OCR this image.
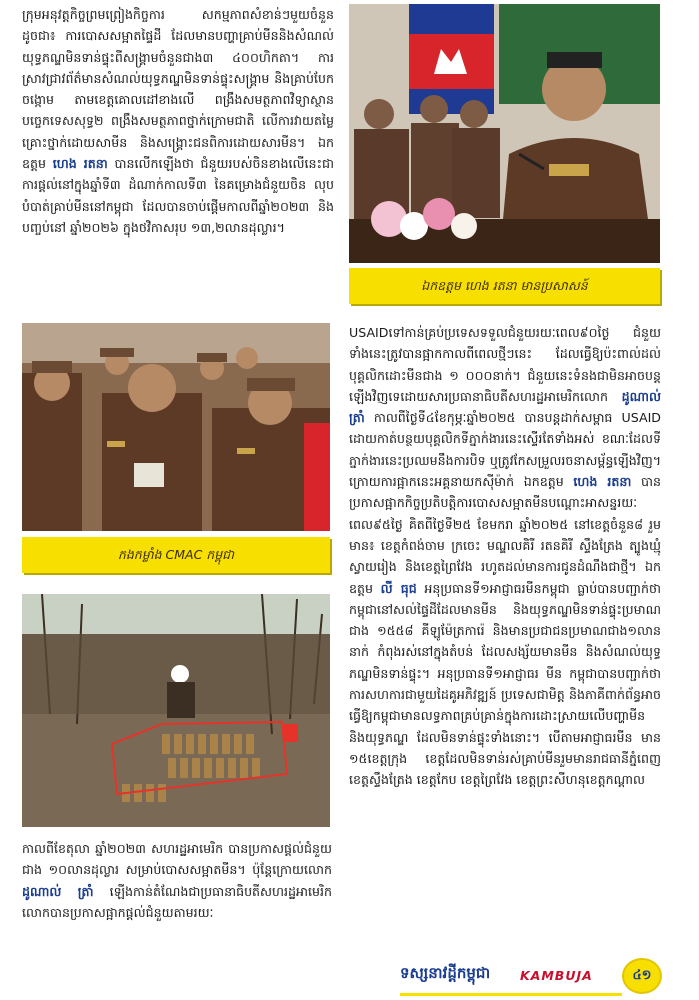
ក្រុមអនុវត្តកិច្ចព្រមព្រៀងកិច្ចការ សកម្មភាពសំខាន់ៗមួយចំនួនដូចជា៖ ការបោសសម្អាតផ្ទៃដី ដែលមានបញ្ហាគ្រាប់មីននិងសំណល់យុទ្ធភណ្ឌមិនទាន់ផ្ទុះពីសង្គ្រាមចំនួនជាង៣ ៤០០ហិកតា។ ការស្រាវជ្រាវព័ត៌មានសំណល់យុទ្ធភណ្ឌមិនទាន់ផ្ទុះសង្គ្រាម និងគ្រាប់បែកចង្កោម តាមខេត្តគោលដៅខាងលើ ពង្រឹងសមត្ថភាពវិទ្យាស្ថានបច្ចេកទេសសុទ្ធ២ ពង្រឹងសមត្ថភាពថ្នាក់ក្រោមជាតិ លើការវាយតម្លៃគ្រោះថ្នាក់ដោយសាមីន និងសង្គ្រោះជនពិការដោយសារមីន។ ឯកឧត្តម ហេង រតនា បានលើកឡើងថា ជំនួយរបស់ចិនខាងលើនេះជាការផ្តល់នៅក្នុងឆ្នាំទី៣ ដំណាក់កាលទី៣ នៃគម្រោងជំនួយចិន លុបបំបាត់គ្រាប់មីននៅកម្ពុជា ដែលបានចាប់ផ្តើមកាលពីឆ្នាំ២០២៣ និងបញ្ចប់នៅ ឆ្នាំ២០២៦ ក្នុងថវិកាសរុប ១៣,២លានដុល្លារ។

ឯកឧត្តម ហេង រតនា មានប្រសាសន៍
កងកម្លាំង CMAC កម្ពុជា

កាលពីខែតុលា ឆ្នាំ២០២៣ សហរដ្ឋអាមេរិក បានប្រកាសផ្តល់ជំនួយជាង ១០លានដុល្លារ សម្រាប់បោសសម្អាតមីន។ ប៉ុន្តែក្រោយលោក ដូណាល់ ត្រាំ ឡើងកាន់តំណែងជាប្រធានាធិបតីសហរដ្ឋអាមេរិក លោកបានប្រកាសផ្អាកផ្តល់ជំនួយតាមរយៈ

USAIDទៅកាន់គ្រប់ប្រទេសទទួលជំនួយរយៈពេល៩០ថ្ងៃ ជំនួយទាំងនេះត្រូវបានផ្អាកកាលពីពេលថ្មីៗនេះ ដែលធ្វើឱ្យប៉ះពាល់ដល់បុគ្គលិកដោះមីនជាង ១ ០០០នាក់។ ជំនួយនេះទំនងជាមិនអាចបន្តឡើងវិញទេដោយសារប្រធានាធិបតីសហរដ្ឋអាមេរិកលោក ដូណាល់ ត្រាំ កាលពីថ្ងៃទី៤ខែកុម្ភៈឆ្នាំ២០២៥ បានបន្តដាក់សម្ពាធ USAID ដោយកាត់បន្ថយបុគ្គលិកទីភ្នាក់ងារនេះស្ទើរតែទាំងអស់ ខណៈដែលទីភ្នាក់ងារនេះប្រឈមនឹងការបិទ ឬត្រូវកែសម្រួលរចនាសម្ព័ន្ធឡើងវិញ។ ក្រោយការផ្អាកនេះអគ្គនាយកស៊ីម៉ាក់ ឯកឧត្តម ហេង រតនា បានប្រកាសផ្អាកកិច្ចប្រតិបត្តិការបោសសម្អាតមីនបណ្តោះអាសន្នរយៈពេល៩៥ថ្ងៃ គិតពីថ្ងៃទី២៥ ខែមករា ឆ្នាំ២០២៥ នៅខេត្តចំនួន៨ រួមមាន៖ ខេត្តកំពង់ចាម ក្រចេះ មណ្ឌលគិរី រតនគិរី ស្ទឹងត្រែង ត្បូងឃ្មុំ ស្វាយរៀង និងខេត្តព្រៃវែង រហូតដល់មានការជូនដំណឹងជាថ្មី។ ឯកឧត្តម លី ធុជ អនុប្រធានទី១អាជ្ញាធរមីនកម្ពុជា ធ្លាប់បានបញ្ជាក់ថា កម្ពុជានៅសល់ផ្ទៃដីដែលមានមីន និងយុទ្ធភណ្ឌមិនទាន់ផ្ទុះប្រមាណជាង ១៥៥៨ គីឡូម៉ែត្រការ៉េ និងមានប្រជាជនប្រមាណជាង១លាននាក់ កំពុងរស់នៅក្នុងតំបន់ ដែលសង្ស័យមានមីន និងសំណល់យុទ្ធភណ្ឌមិនទាន់ផ្ទុះ។ អនុប្រធានទី១អាជ្ញាធរ មីន កម្ពុជាបានបញ្ជាក់ថា ការសហការជាមួយដៃគូអភិវឌ្ឍន៍ ប្រទេសជាមិត្ត និងភាគីពាក់ព័ន្ធអាចធ្វើឱ្យកម្ពុជាមានលទ្ធភាពគ្រប់គ្រាន់ក្នុងការដោះស្រាយលើបញ្ហាមីន និងយុទ្ធភណ្ឌ ដែលមិនទាន់ផ្ទុះទាំងនោះ។ បើតាមអាជ្ញាធរមីន មាន ១៥ខេត្តក្រុង ខេត្តដែលមិនទាន់រស់គ្រាប់មីនរួមមានរាជធានីភ្នំពេញ ខេត្តស្ទឹងត្រែង ខេត្តកែប ខេត្តព្រៃវែង ខេត្តព្រះសីហនុខេត្តកណ្តាល

ទស្សនាវដ្តីកម្ពុជា KAMBUJA	៤១
